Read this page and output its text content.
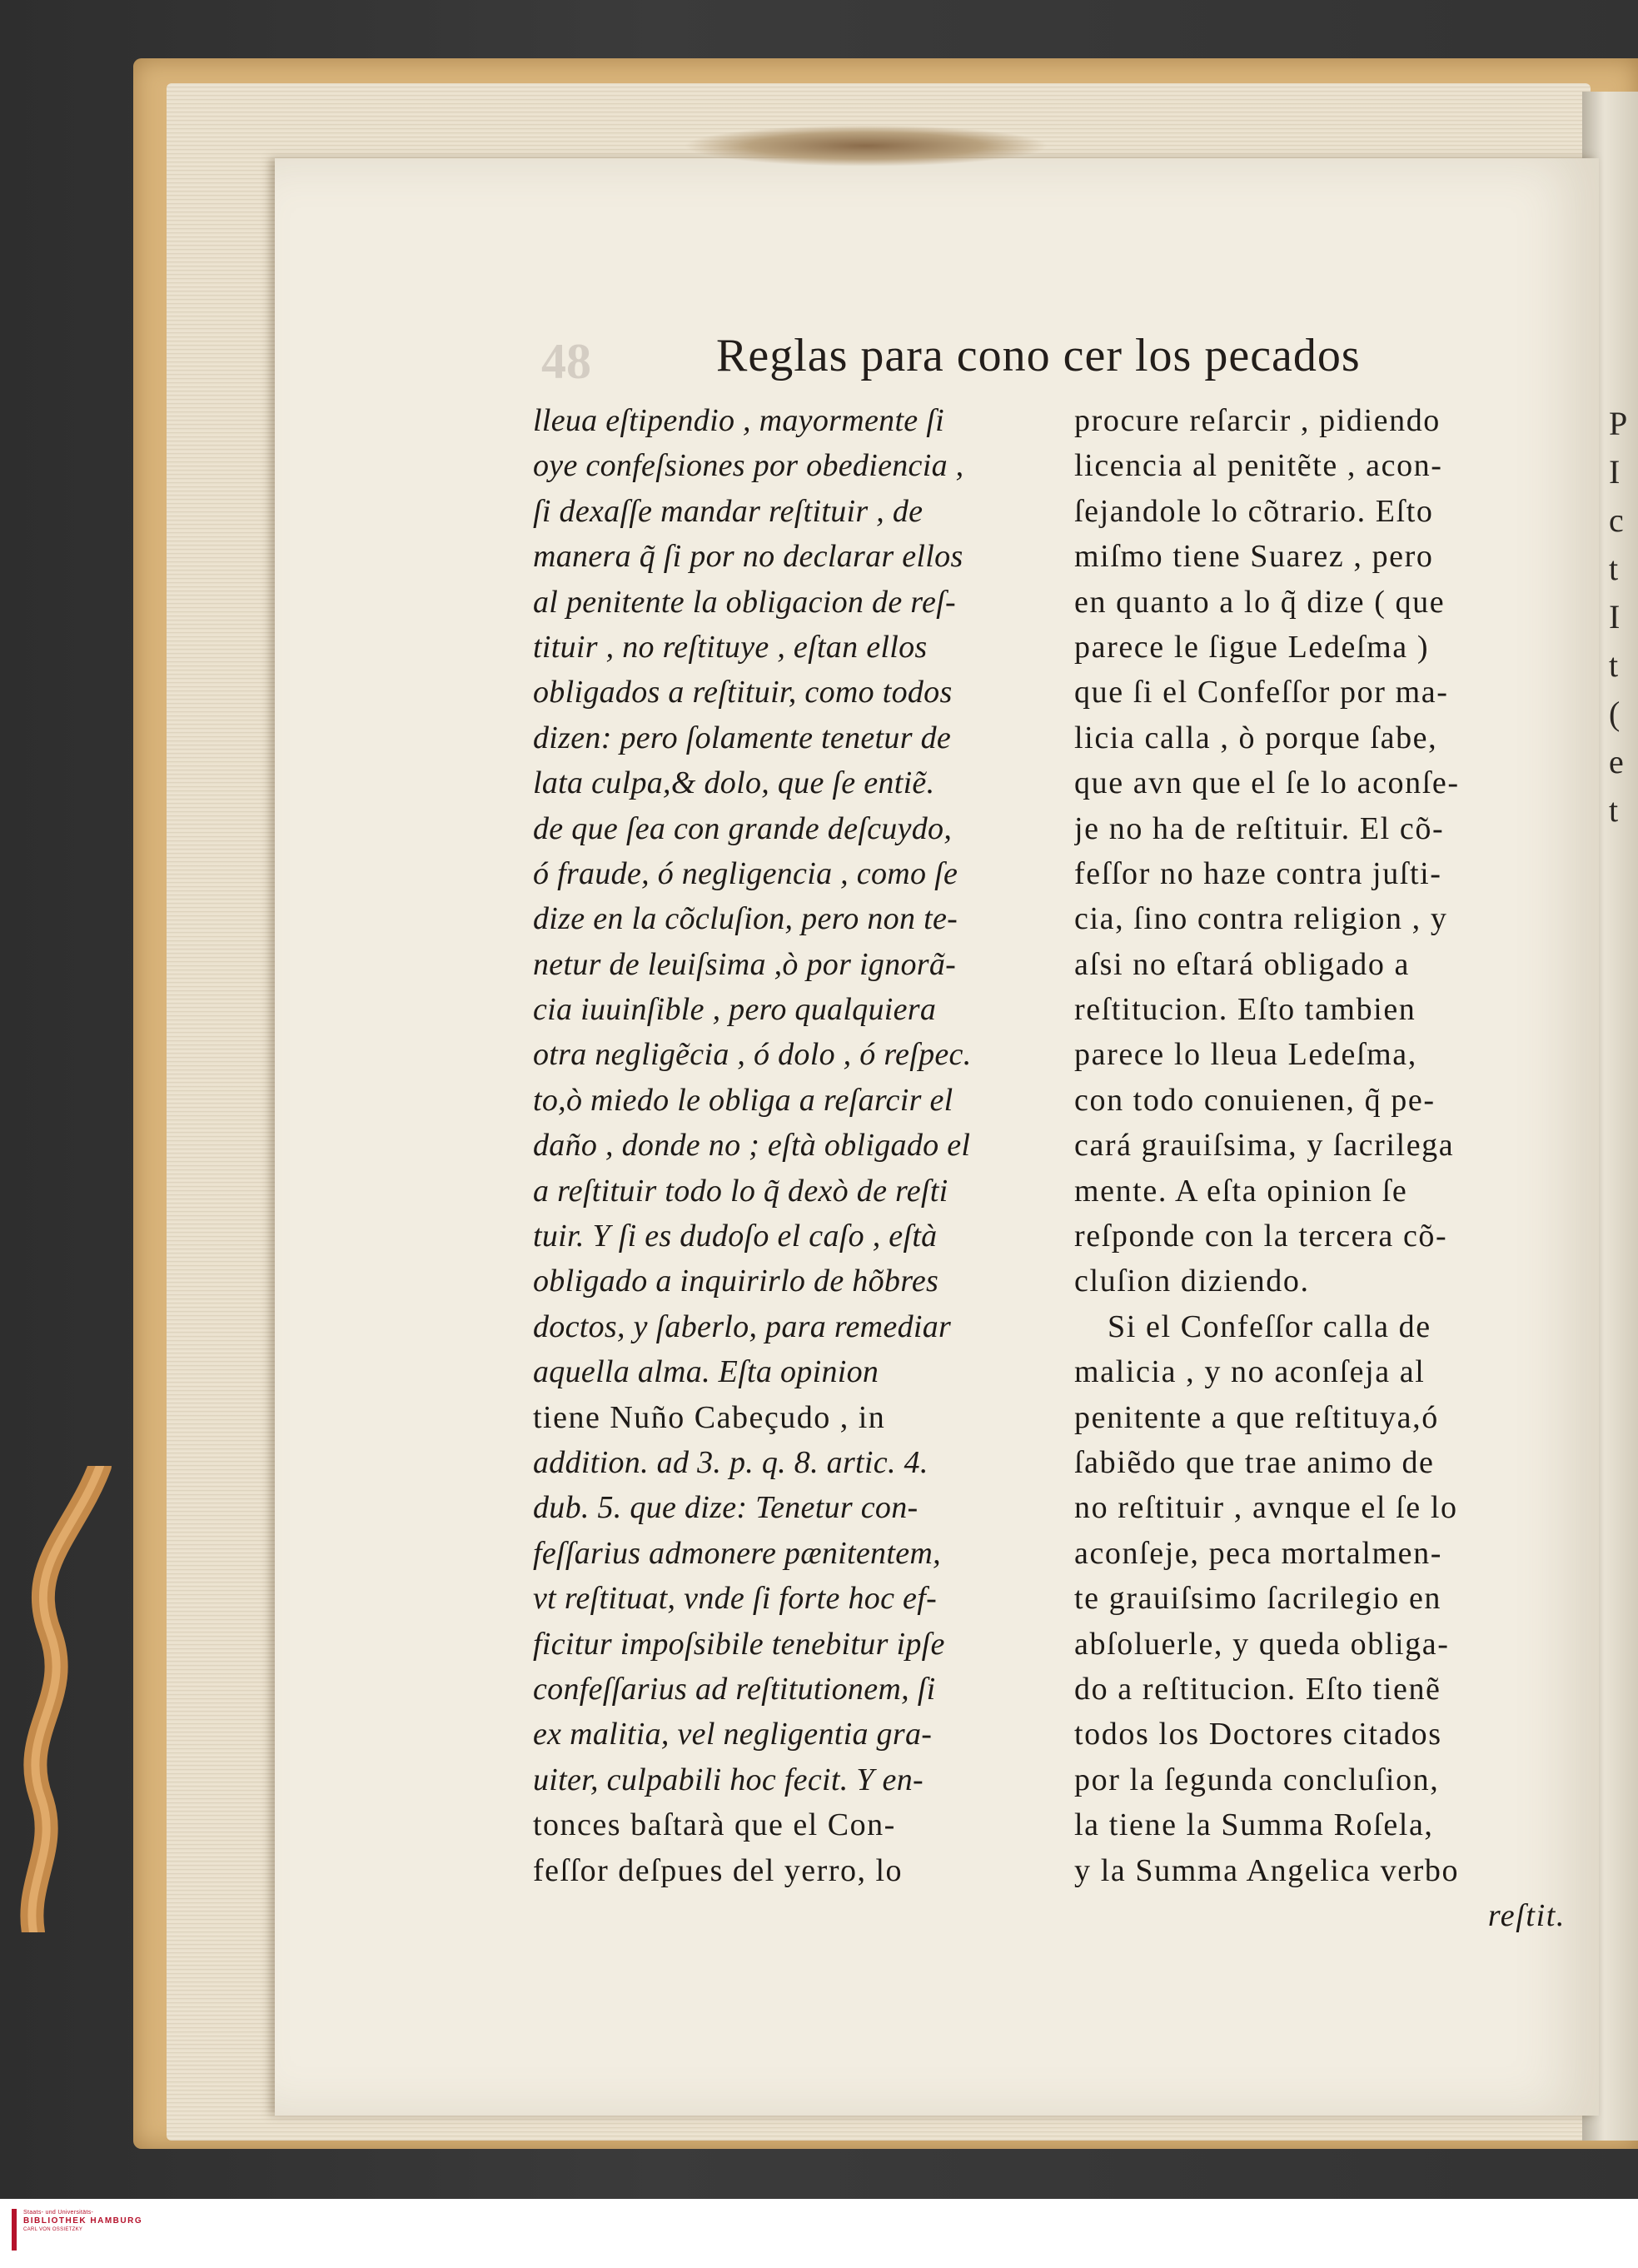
P
I
c
t
I
t
(
e
t
48	Reglas para cono cer los pecados
lleua eſtipendio , mayormente ſi
oye confeſsiones por obediencia ,
ſi dexaſſe mandar reſtituir , de
manera q̃ ſi por no declarar ellos
al penitente la obligacion de reſ-
tituir , no reſtituye , eſtan ellos
obligados a reſtituir, como todos
dizen: pero ſolamente tenetur de
lata culpa,& dolo, que ſe entiẽ.
de que ſea con grande deſcuydo,
ó fraude, ó negligencia , como ſe
dize en la cõcluſion, pero non te-
netur de leuiſsima ,ò por ignorã-
cia iuuinſible , pero qualquiera
otra negligẽcia , ó dolo , ó reſpec.
to,ò miedo le obliga a reſarcir el
daño , donde no ; eſtà obligado el
a reſtituir todo lo q̃ dexò de reſti
tuir. Y ſi es dudoſo el caſo , eſtà
obligado a inquirirlo de hõbres
doctos, y ſaberlo, para remediar
aquella alma. Eſta opinion
tiene Nuño Cabeçudo , in
addition. ad 3. p. q. 8. artic. 4.
dub. 5. que dize: Tenetur con-
feſſarius admonere pænitentem,
vt reſtituat, vnde ſi forte hoc ef-
ficitur impoſsibile tenebitur ipſe
confeſſarius ad reſtitutionem, ſi
ex malitia, vel negligentia gra-
uiter, culpabili hoc fecit. Y en-
tonces baſtarà que el Con-
feſſor deſpues del yerro, lo
procure reſarcir , pidiendo
licencia al penitẽte , acon-
ſejandole lo cõtrario. Eſto
miſmo tiene Suarez , pero
en quanto a lo q̃ dize ( que
parece le ſigue Ledeſma )
que ſi el Confeſſor por ma-
licia calla , ò porque ſabe,
que avn que el ſe lo aconſe-
je no ha de reſtituir. El cõ-
feſſor no haze contra juſti-
cia, ſino contra religion , y
aſsi no eſtará obligado a
reſtitucion. Eſto tambien
parece lo lleua Ledeſma,
con todo conuienen, q̃ pe-
cará grauiſsima, y ſacrilega
mente. A eſta opinion ſe
reſponde con la tercera cõ-
cluſion diziendo.
Si el Confeſſor calla de
malicia , y no aconſeja al
penitente a que reſtituya,ó
ſabiẽdo que trae animo de
no reſtituir , avnque el ſe lo
aconſeje, peca mortalmen-
te grauiſsimo ſacrilegio en
abſoluerle, y queda obliga-
do a reſtitucion. Eſto tienẽ
todos los Doctores citados
por la ſegunda concluſion,
la tiene la Summa Roſela,
y la Summa Angelica verbo
reſtit.
Staats- und Universitäts-
BIBLIOTHEK HAMBURG
CARL VON OSSIETZKY
